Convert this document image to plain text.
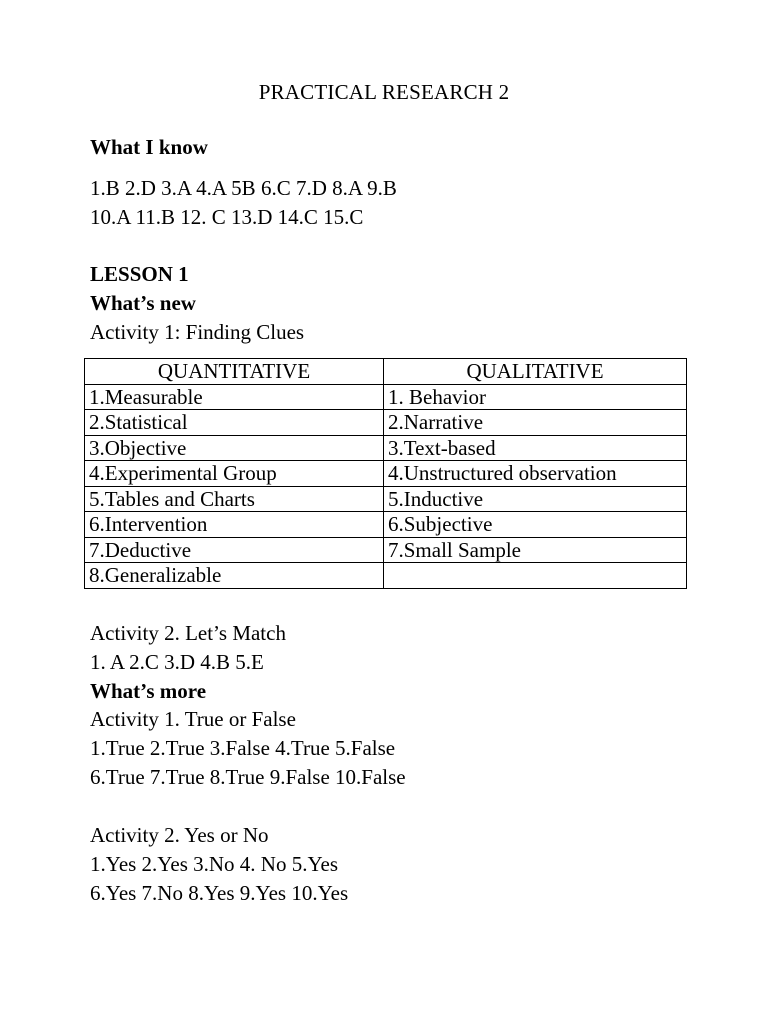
PRACTICAL RESEARCH 2
What I know
1.B 2.D 3.A 4.A 5B 6.C 7.D 8.A 9.B
10.A 11.B 12. C 13.D 14.C 15.C
LESSON 1
What’s new
Activity 1: Finding Clues
QUANTITATIVE	QUALITATIVE
1.Measurable	1. Behavior
2.Statistical	2.Narrative
3.Objective	3.Text-based
4.Experimental Group	4.Unstructured observation
5.Tables and Charts	5.Inductive
6.Intervention	6.Subjective
7.Deductive	7.Small Sample
8.Generalizable	
Activity 2. Let’s Match
1. A 2.C 3.D 4.B 5.E
What’s more
Activity 1. True or False
1.True 2.True 3.False 4.True 5.False
6.True 7.True 8.True 9.False 10.False
Activity 2. Yes or No
1.Yes 2.Yes 3.No 4. No 5.Yes
6.Yes 7.No 8.Yes 9.Yes 10.Yes
